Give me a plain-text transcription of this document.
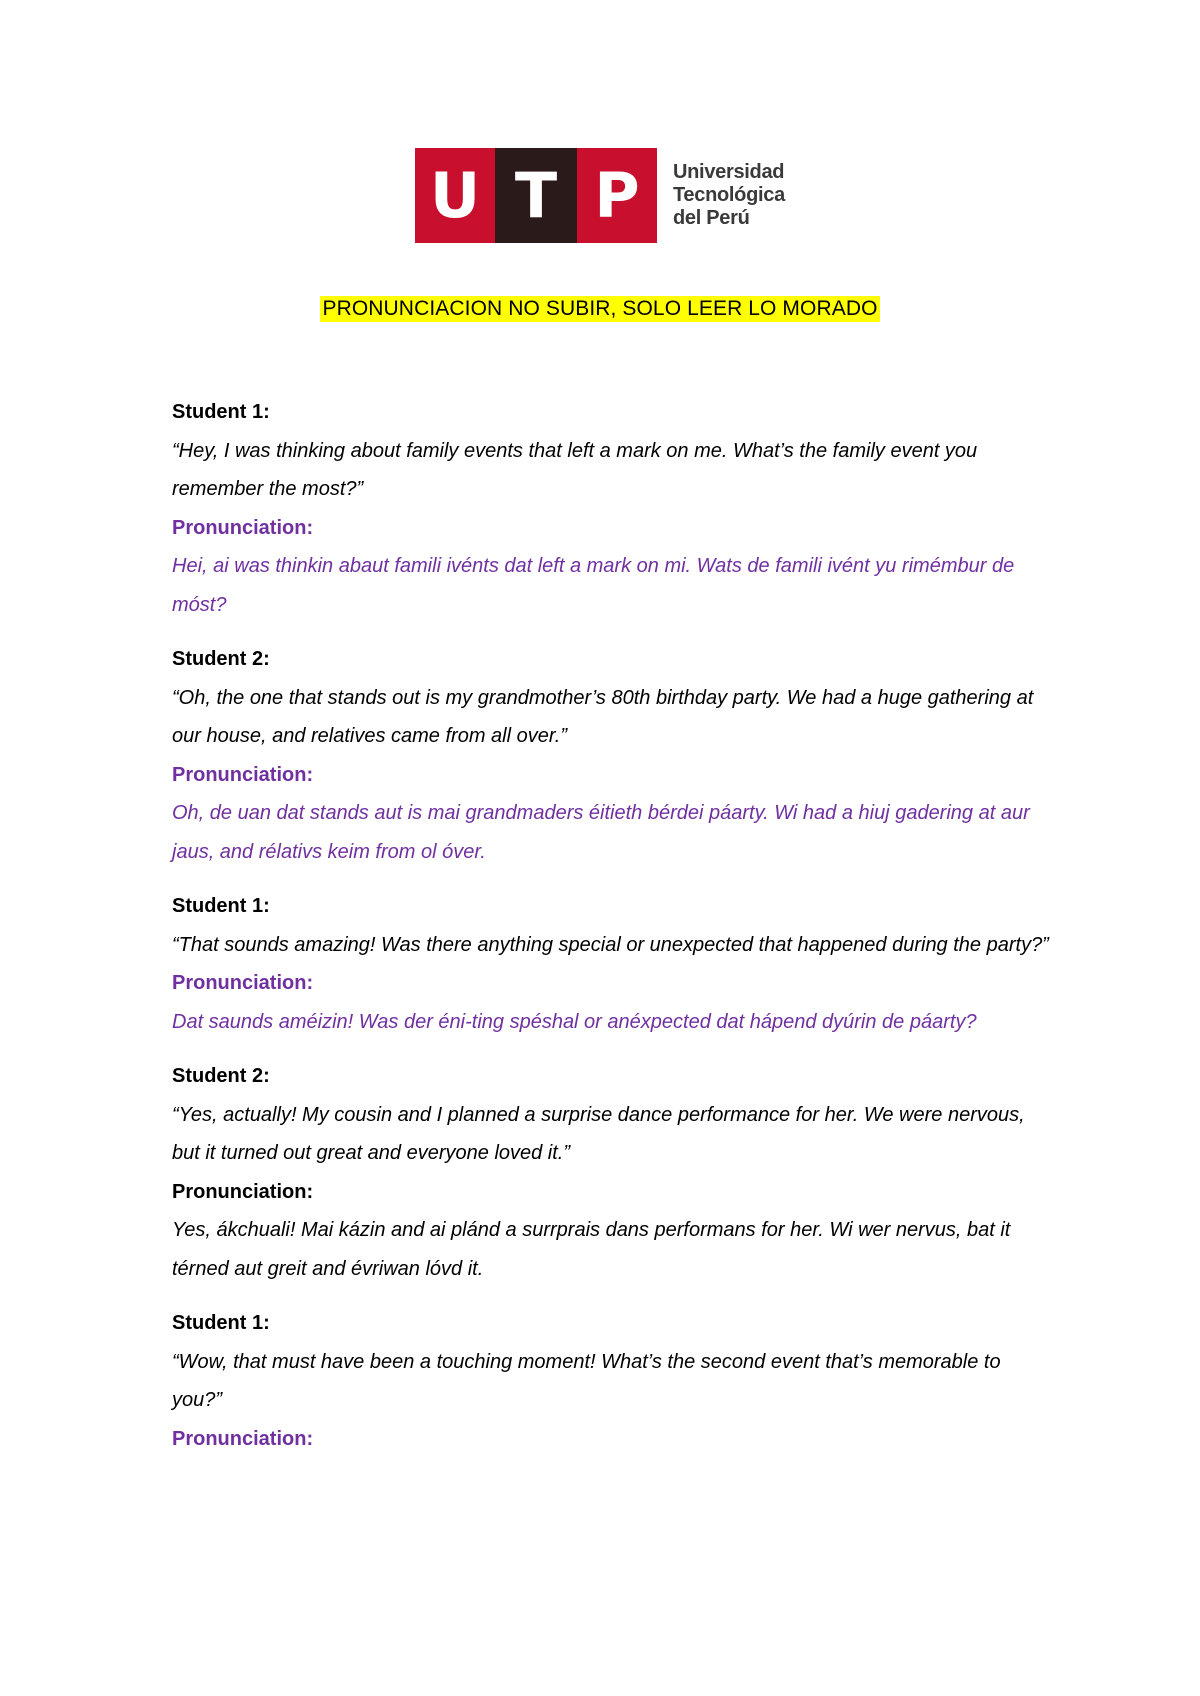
U T P	Universidad
Tecnológica
del Perú
PRONUNCIACION NO SUBIR, SOLO LEER LO MORADO
Student 1:
“Hey, I was thinking about family events that left a mark on me. What’s the family event you remember the most?”
Pronunciation:
Hei, ai was thinkin abaut famili ivénts dat left a mark on mi. Wats de famili ivént yu rimémbur de móst?
Student 2:
“Oh, the one that stands out is my grandmother’s 80th birthday party. We had a huge gathering at our house, and relatives came from all over.”
Pronunciation:
Oh, de uan dat stands aut is mai grandmaders éitieth bérdei páarty. Wi had a hiuj gadering at aur jaus, and rélativs keim from ol óver.
Student 1:
“That sounds amazing! Was there anything special or unexpected that happened during the party?”
Pronunciation:
Dat saunds améizin! Was der éni-ting spéshal or anéxpected dat hápend dyúrin de páarty?
Student 2:
“Yes, actually! My cousin and I planned a surprise dance performance for her. We were nervous, but it turned out great and everyone loved it.”
Pronunciation:
Yes, ákchuali! Mai kázin and ai plánd a surrprais dans performans for her. Wi wer nervus, bat it térned aut greit and évriwan lóvd it.
Student 1:
“Wow, that must have been a touching moment! What’s the second event that’s memorable to you?”
Pronunciation:
